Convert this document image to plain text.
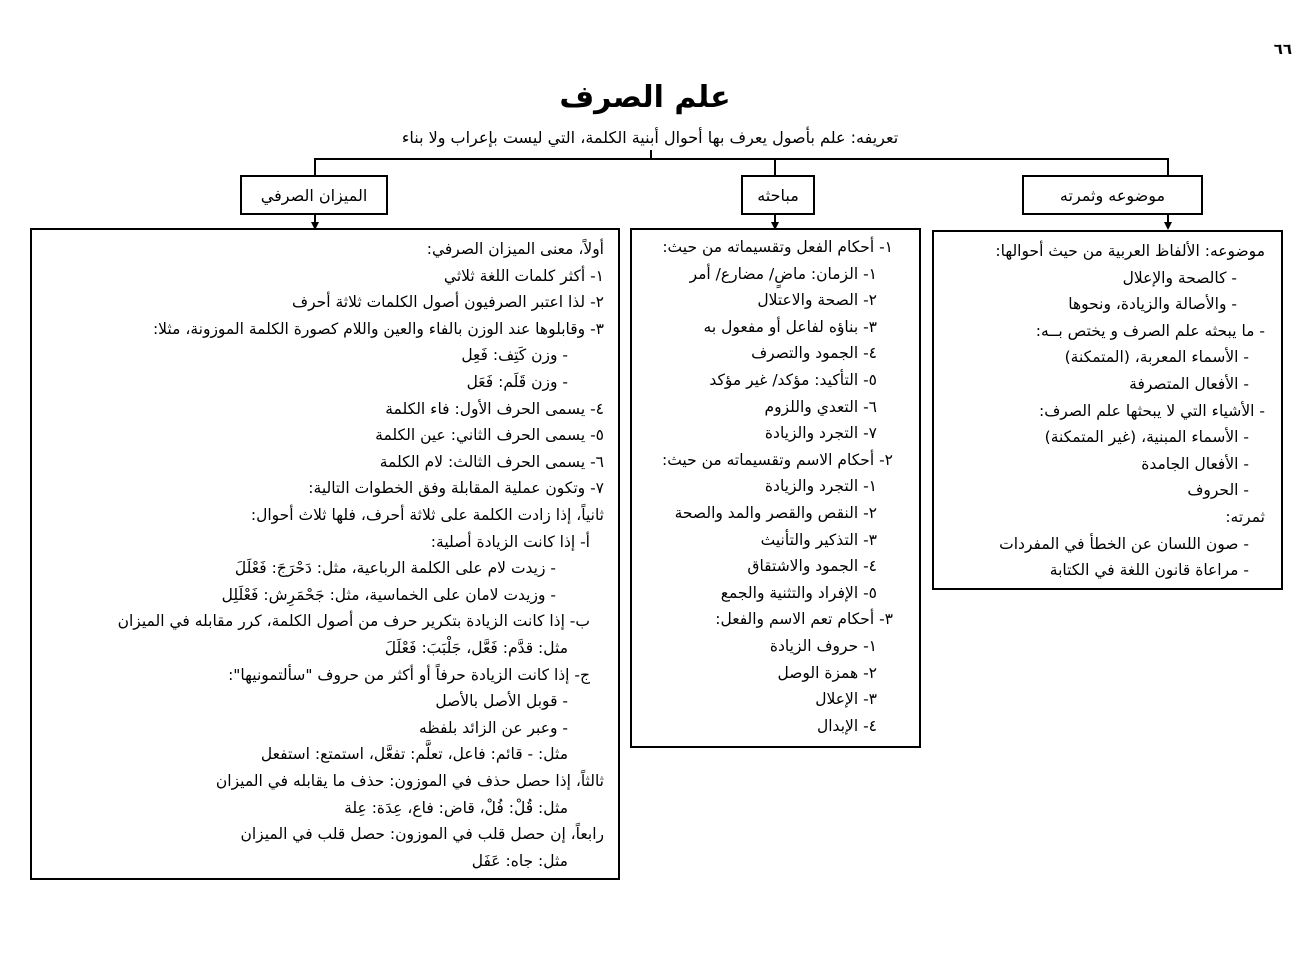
٦٦
علم الصرف
تعريفه: علم بأصول يعرف بها أحوال أبنية الكلمة، التي ليست بإعراب ولا بناء
الميزان الصرفي	مباحثه	موضوعه وثمرته
أولاً، معنى الميزان الصرفي:
١- أكثر كلمات اللغة ثلاثي
٢- لذا اعتبر الصرفيون أصول الكلمات ثلاثة أحرف
٣- وقابلوها عند الوزن بالفاء والعين واللام كصورة الكلمة الموزونة، مثلا:
- وزن كَتِف: فَعِل
- وزن قَلَم: فَعَل
٤- يسمى الحرف الأول: فاء الكلمة
٥- يسمى الحرف الثاني: عين الكلمة
٦- يسمى الحرف الثالث: لام الكلمة
٧- وتكون عملية المقابلة وفق الخطوات التالية:
ثانياً، إذا زادت الكلمة على ثلاثة أحرف، فلها ثلاث أحوال:
أ- إذا كانت الزيادة أصلية:
- زيدت لام على الكلمة الرباعية، مثل: دَحْرَجَ: فَعْلَلَ
- وزيدت لامان على الخماسية، مثل: جَحْمَرِش: فَعْلَلِل
ب- إذا كانت الزيادة بتكرير حرف من أصول الكلمة، كرر مقابله في الميزان
مثل: قدَّم: فَعَّل، جَلْبَبَ: فَعْلَلَ
ج- إذا كانت الزيادة حرفاً أو أكثر من حروف "سألتمونيها":
- قوبل الأصل بالأصل
- وعبر عن الزائد بلفظه
مثل: - قائم: فاعل، تعلَّم: تفعَّل، استمتع: استفعل
ثالثاً، إذا حصل حذف في الموزون: حذف ما يقابله في الميزان
مثل: قُلْ: فُلْ، قاض: فاع، عِدَة: عِلة
رابعاً، إن حصل قلب في الموزون: حصل قلب في الميزان
مثل: جاه: عَفَل
١- أحكام الفعل وتقسيماته من حيث:
١- الزمان: ماضٍ/ مضارع/ أمر
٢- الصحة والاعتلال
٣- بناؤه لفاعل أو مفعول به
٤- الجمود والتصرف
٥- التأكيد: مؤكد/ غير مؤكد
٦- التعدي واللزوم
٧- التجرد والزيادة
٢- أحكام الاسم وتقسيماته من حيث:
١- التجرد والزيادة
٢- النقص والقصر والمد والصحة
٣- التذكير والتأنيث
٤- الجمود والاشتقاق
٥- الإفراد والتثنية والجمع
٣- أحكام تعم الاسم والفعل:
١- حروف الزيادة
٢- همزة الوصل
٣- الإعلال
٤- الإبدال
موضوعه: الألفاظ العربية من حيث أحوالها:
- كالصحة والإعلال
- والأصالة والزيادة، ونحوها
- ما يبحثه علم الصرف و يختص بــه:
- الأسماء المعربة، (المتمكنة)
- الأفعال المتصرفة
- الأشياء التي لا يبحثها علم الصرف:
- الأسماء المبنية، (غير المتمكنة)
- الأفعال الجامدة
- الحروف
ثمرته:
- صون اللسان عن الخطأ في المفردات
- مراعاة قانون اللغة في الكتابة
